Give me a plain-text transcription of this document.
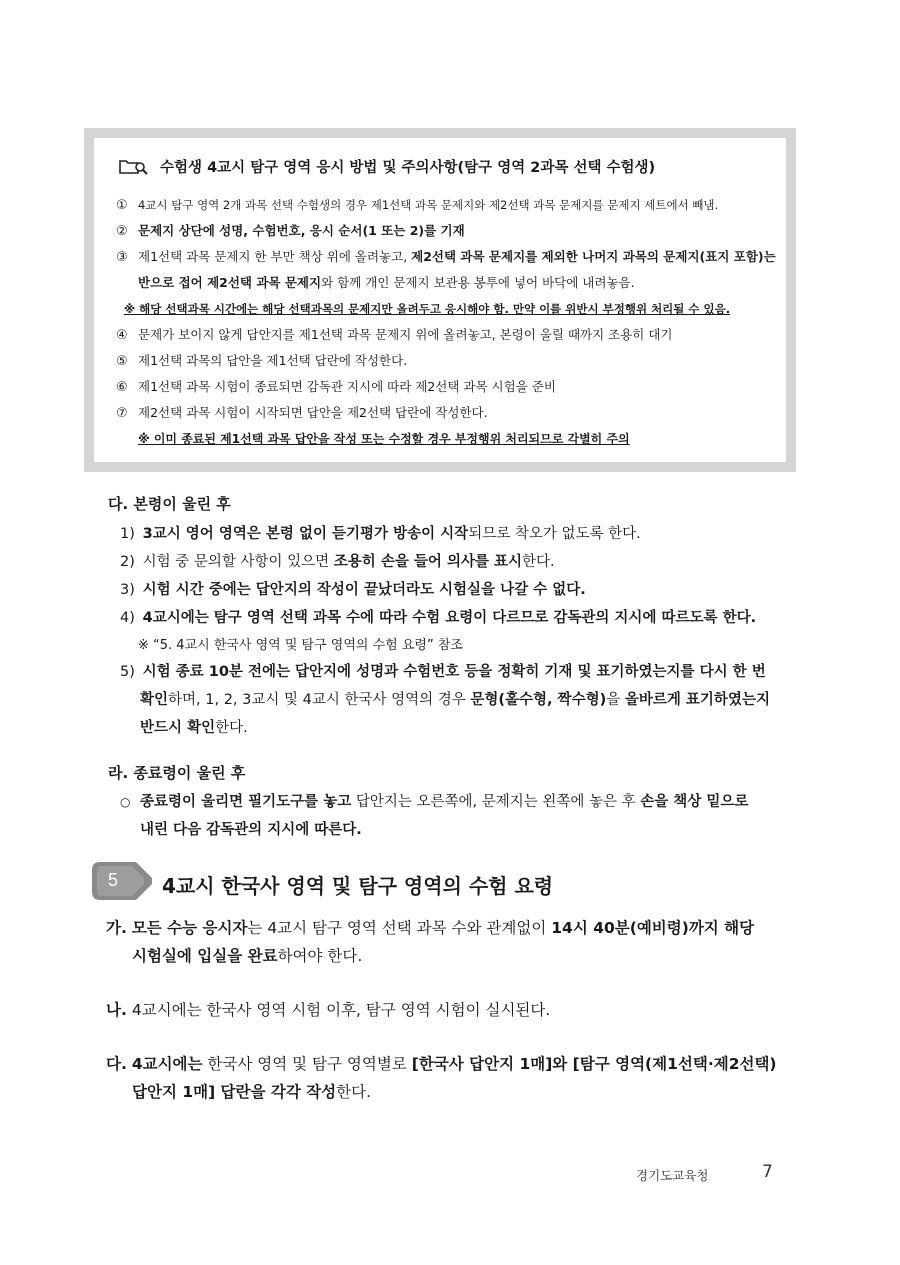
수험생 4교시 탐구 영역 응시 방법 및 주의사항(탐구 영역 2과목 선택 수험생)
① 4교시 탐구 영역 2개 과목 선택 수험생의 경우 제1선택 과목 문제지와 제2선택 과목 문제지를 문제지 세트에서 빼냄.
② 문제지 상단에 성명, 수험번호, 응시 순서(1 또는 2)를 기재
③ 제1선택 과목 문제지 한 부만 책상 위에 올려놓고, 제2선택 과목 문제지를 제외한 나머지 과목의 문제지(표지 포함)는
반으로 접어 제2선택 과목 문제지와 함께 개인 문제지 보관용 봉투에 넣어 바닥에 내려놓음.
※ 해당 선택과목 시간에는 해당 선택과목의 문제지만 올려두고 응시해야 함. 만약 이를 위반시 부정행위 처리될 수 있음.
④ 문제가 보이지 않게 답안지를 제1선택 과목 문제지 위에 올려놓고, 본령이 울릴 때까지 조용히 대기
⑤ 제1선택 과목의 답안을 제1선택 답란에 작성한다.
⑥ 제1선택 과목 시험이 종료되면 감독관 지시에 따라 제2선택 과목 시험을 준비
⑦ 제2선택 과목 시험이 시작되면 답안을 제2선택 답란에 작성한다.
※ 이미 종료된 제1선택 과목 답안을 작성 또는 수정할 경우 부정행위 처리되므로 각별히 주의
다. 본령이 울린 후
1) 3교시 영어 영역은 본령 없이 듣기평가 방송이 시작되므로 착오가 없도록 한다.
2) 시험 중 문의할 사항이 있으면 조용히 손을 들어 의사를 표시한다.
3) 시험 시간 중에는 답안지의 작성이 끝났더라도 시험실을 나갈 수 없다.
4) 4교시에는 탐구 영역 선택 과목 수에 따라 수험 요령이 다르므로 감독관의 지시에 따르도록 한다.
※ “5. 4교시 한국사 영역 및 탐구 영역의 수험 요령” 참조
5) 시험 종료 10분 전에는 답안지에 성명과 수험번호 등을 정확히 기재 및 표기하였는지를 다시 한 번
확인하며, 1, 2, 3교시 및 4교시 한국사 영역의 경우 문형(홀수형, 짝수형)을 올바르게 표기하였는지
반드시 확인한다.
라. 종료령이 울린 후
○ 종료령이 울리면 필기도구를 놓고 답안지는 오른쪽에, 문제지는 왼쪽에 놓은 후 손을 책상 밑으로
내린 다음 감독관의 지시에 따른다.
5 4교시 한국사 영역 및 탐구 영역의 수험 요령
가. 모든 수능 응시자는 4교시 탐구 영역 선택 과목 수와 관계없이 14시 40분(예비령)까지 해당
시험실에 입실을 완료하여야 한다.
나. 4교시에는 한국사 영역 시험 이후, 탐구 영역 시험이 실시된다.
다. 4교시에는 한국사 영역 및 탐구 영역별로 [한국사 답안지 1매]와 [탐구 영역(제1선택·제2선택)
답안지 1매] 답란을 각각 작성한다.
경기도교육청	7
